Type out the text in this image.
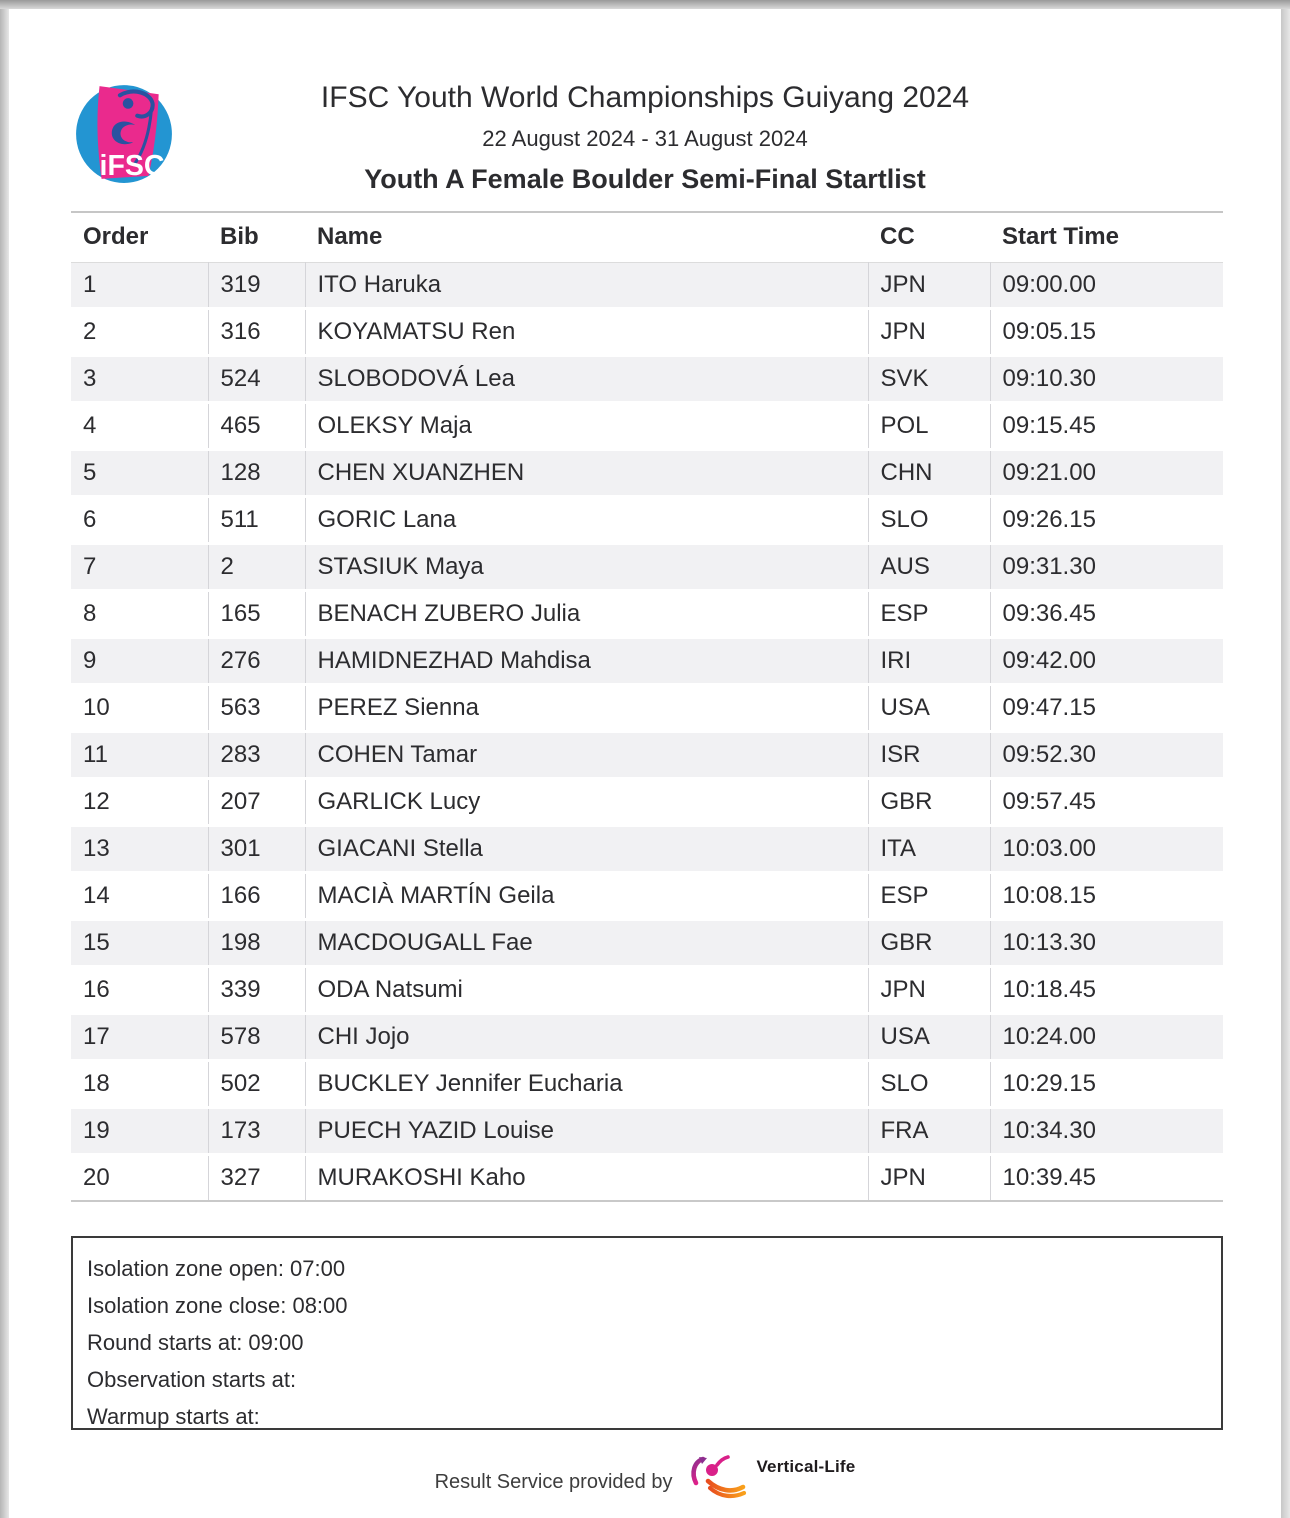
iFSC
IFSC Youth World Championships Guiyang 2024
22 August 2024 - 31 August 2024
Youth A Female Boulder Semi-Final Startlist
Order	Bib	Name	CC	Start Time
1	319	ITO Haruka	JPN	09:00.00
2	316	KOYAMATSU Ren	JPN	09:05.15
3	524	SLOBODOVÁ Lea	SVK	09:10.30
4	465	OLEKSY Maja	POL	09:15.45
5	128	CHEN XUANZHEN	CHN	09:21.00
6	511	GORIC Lana	SLO	09:26.15
7	2	STASIUK Maya	AUS	09:31.30
8	165	BENACH ZUBERO Julia	ESP	09:36.45
9	276	HAMIDNEZHAD Mahdisa	IRI	09:42.00
10	563	PEREZ Sienna	USA	09:47.15
11	283	COHEN Tamar	ISR	09:52.30
12	207	GARLICK Lucy	GBR	09:57.45
13	301	GIACANI Stella	ITA	10:03.00
14	166	MACIÀ MARTÍN Geila	ESP	10:08.15
15	198	MACDOUGALL Fae	GBR	10:13.30
16	339	ODA Natsumi	JPN	10:18.45
17	578	CHI Jojo	USA	10:24.00
18	502	BUCKLEY Jennifer Eucharia	SLO	10:29.15
19	173	PUECH YAZID Louise	FRA	10:34.30
20	327	MURAKOSHI Kaho	JPN	10:39.45
Isolation zone open: 07:00
Isolation zone close: 08:00
Round starts at: 09:00
Observation starts at:
Warmup starts at:
Result Service provided by
Vertical-Life
